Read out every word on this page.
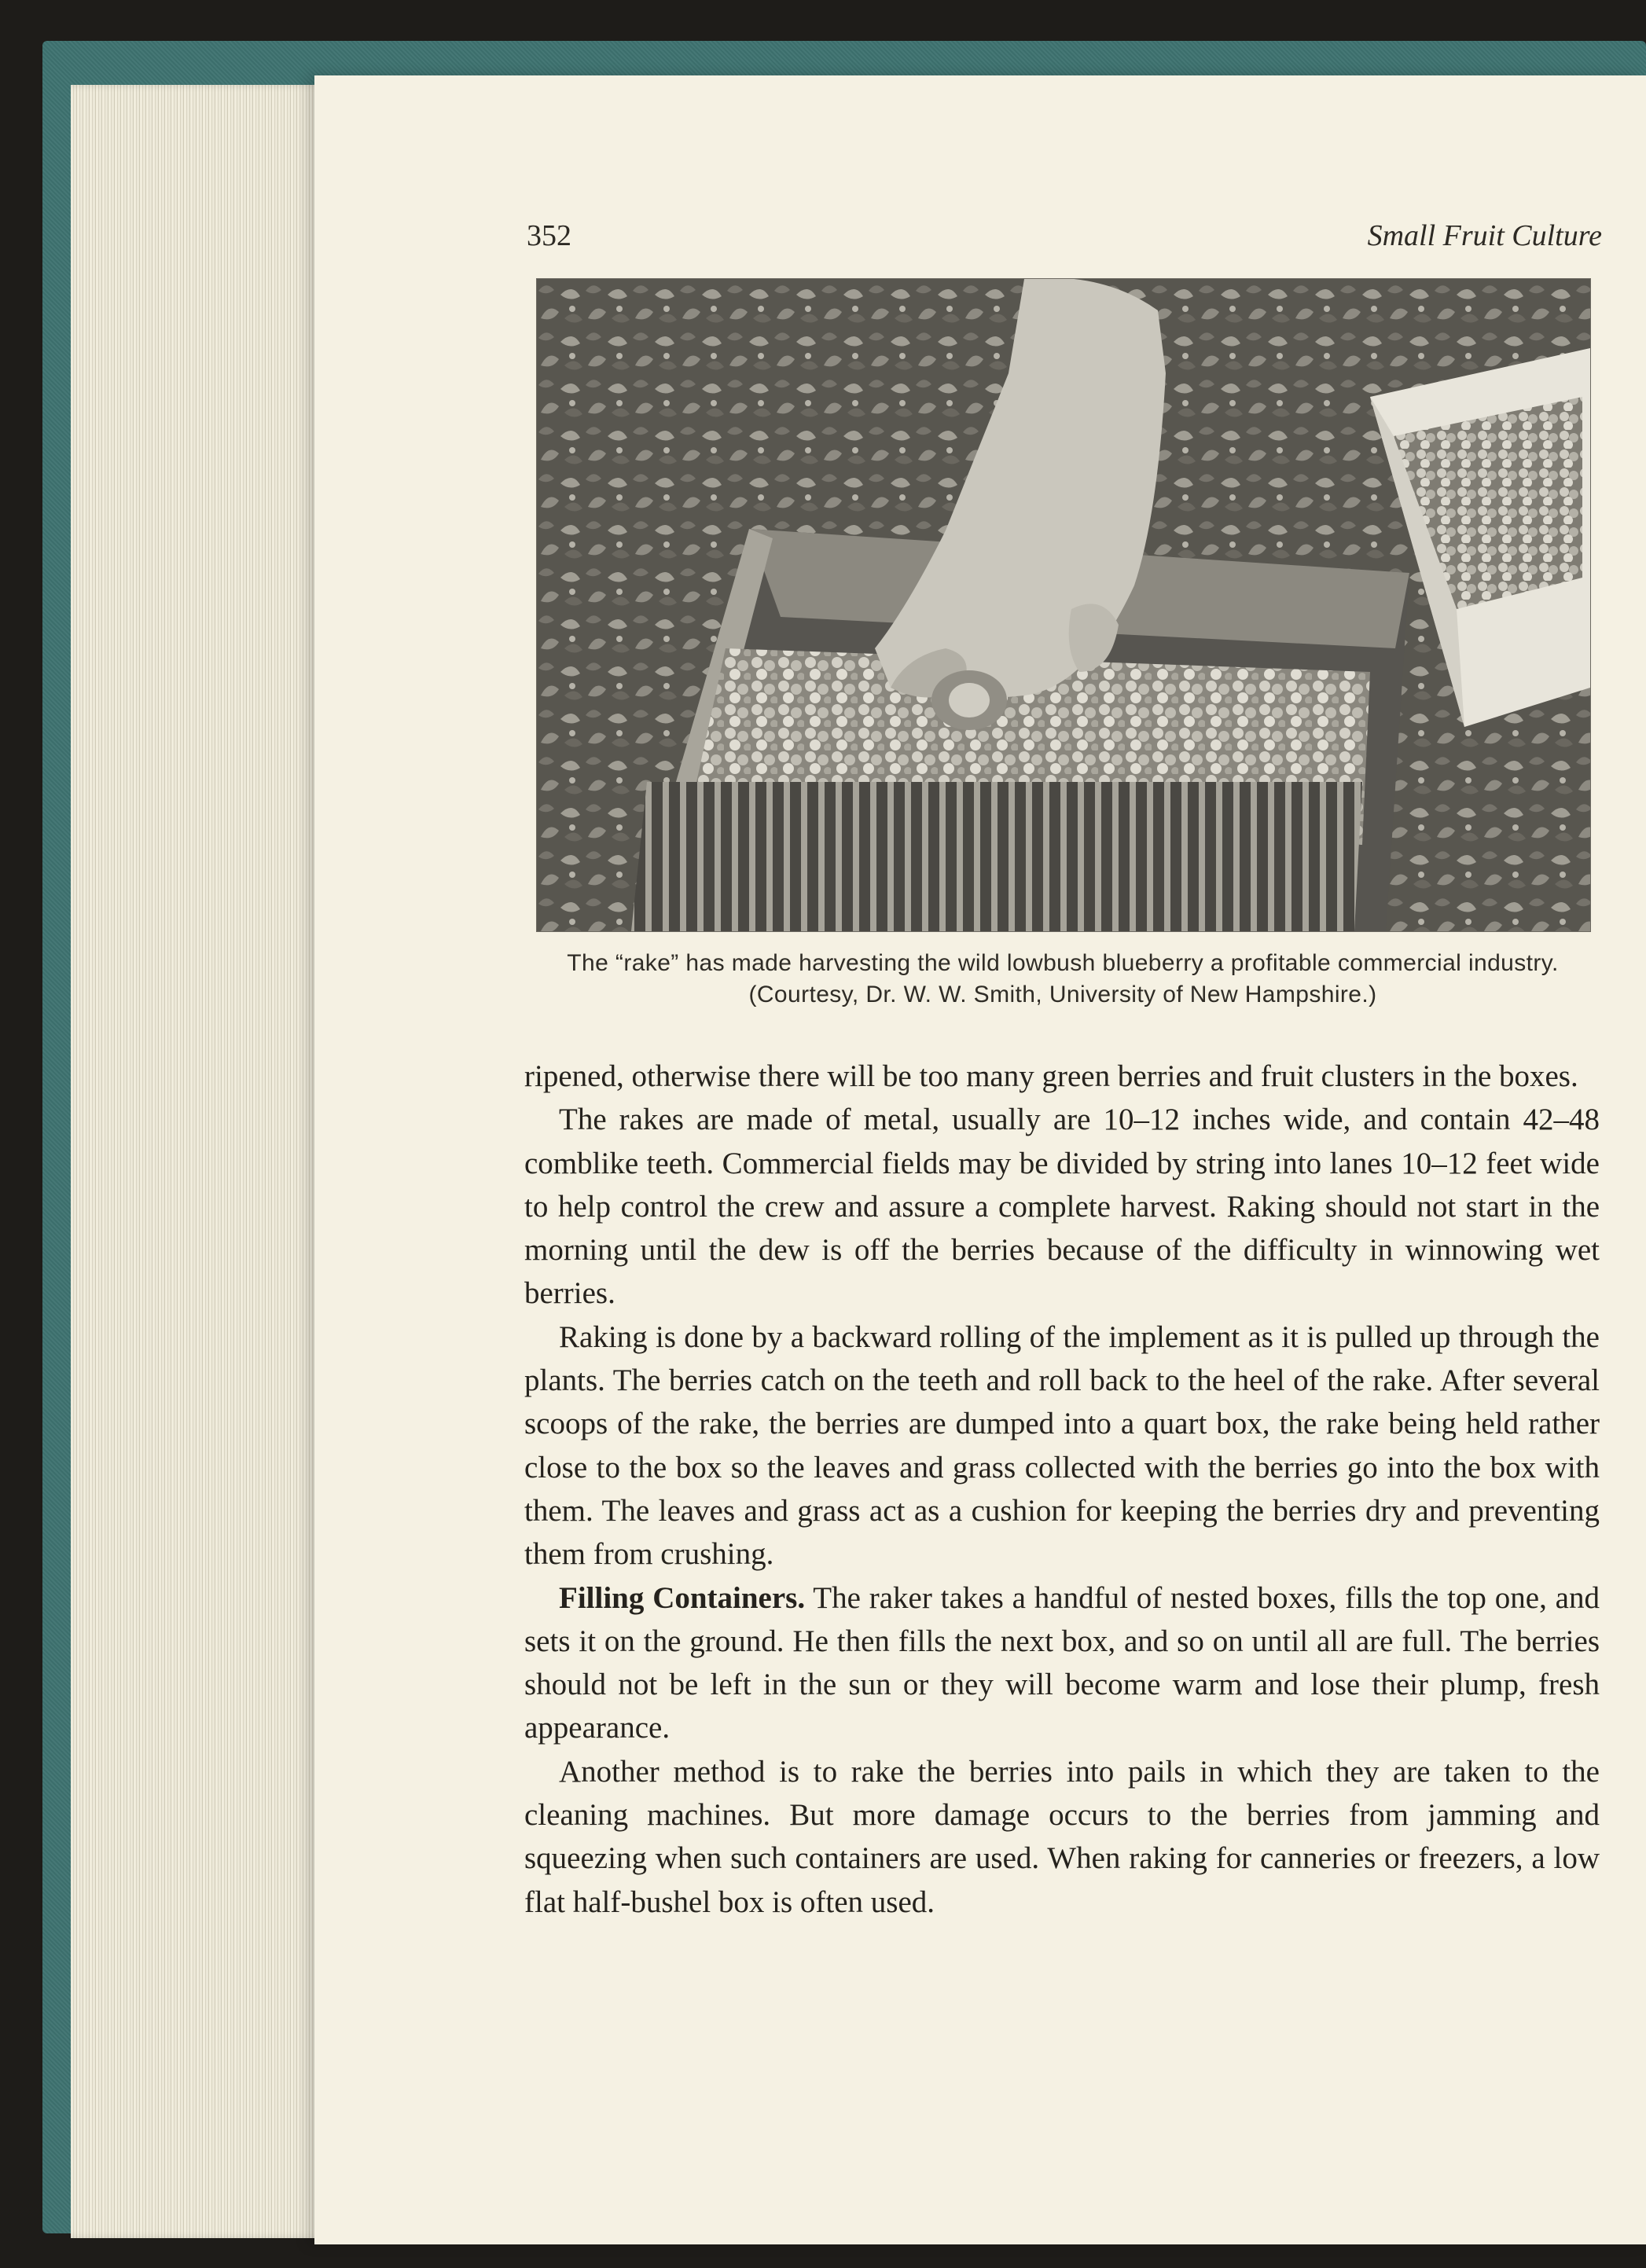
352	Small Fruit Culture
The “rake” has made harvesting the wild lowbush blueberry a profitable commercial industry. (Courtesy, Dr. W. W. Smith, University of New Hampshire.)

ripened, otherwise there will be too many green berries and fruit clusters in the boxes.

The rakes are made of metal, usually are 10–12 inches wide, and contain 42–48 comblike teeth. Commercial fields may be divided by string into lanes 10–12 feet wide to help control the crew and assure a complete harvest. Raking should not start in the morning until the dew is off the berries because of the difficulty in winnowing wet berries.

Raking is done by a backward rolling of the implement as it is pulled up through the plants. The berries catch on the teeth and roll back to the heel of the rake. After several scoops of the rake, the berries are dumped into a quart box, the rake being held rather close to the box so the leaves and grass collected with the berries go into the box with them. The leaves and grass act as a cushion for keeping the berries dry and preventing them from crushing.

Filling Containers. The raker takes a handful of nested boxes, fills the top one, and sets it on the ground. He then fills the next box, and so on until all are full. The berries should not be left in the sun or they will become warm and lose their plump, fresh appearance.

Another method is to rake the berries into pails in which they are taken to the cleaning machines. But more damage occurs to the berries from jamming and squeezing when such containers are used. When raking for canneries or freezers, a low flat half-bushel box is often used.
